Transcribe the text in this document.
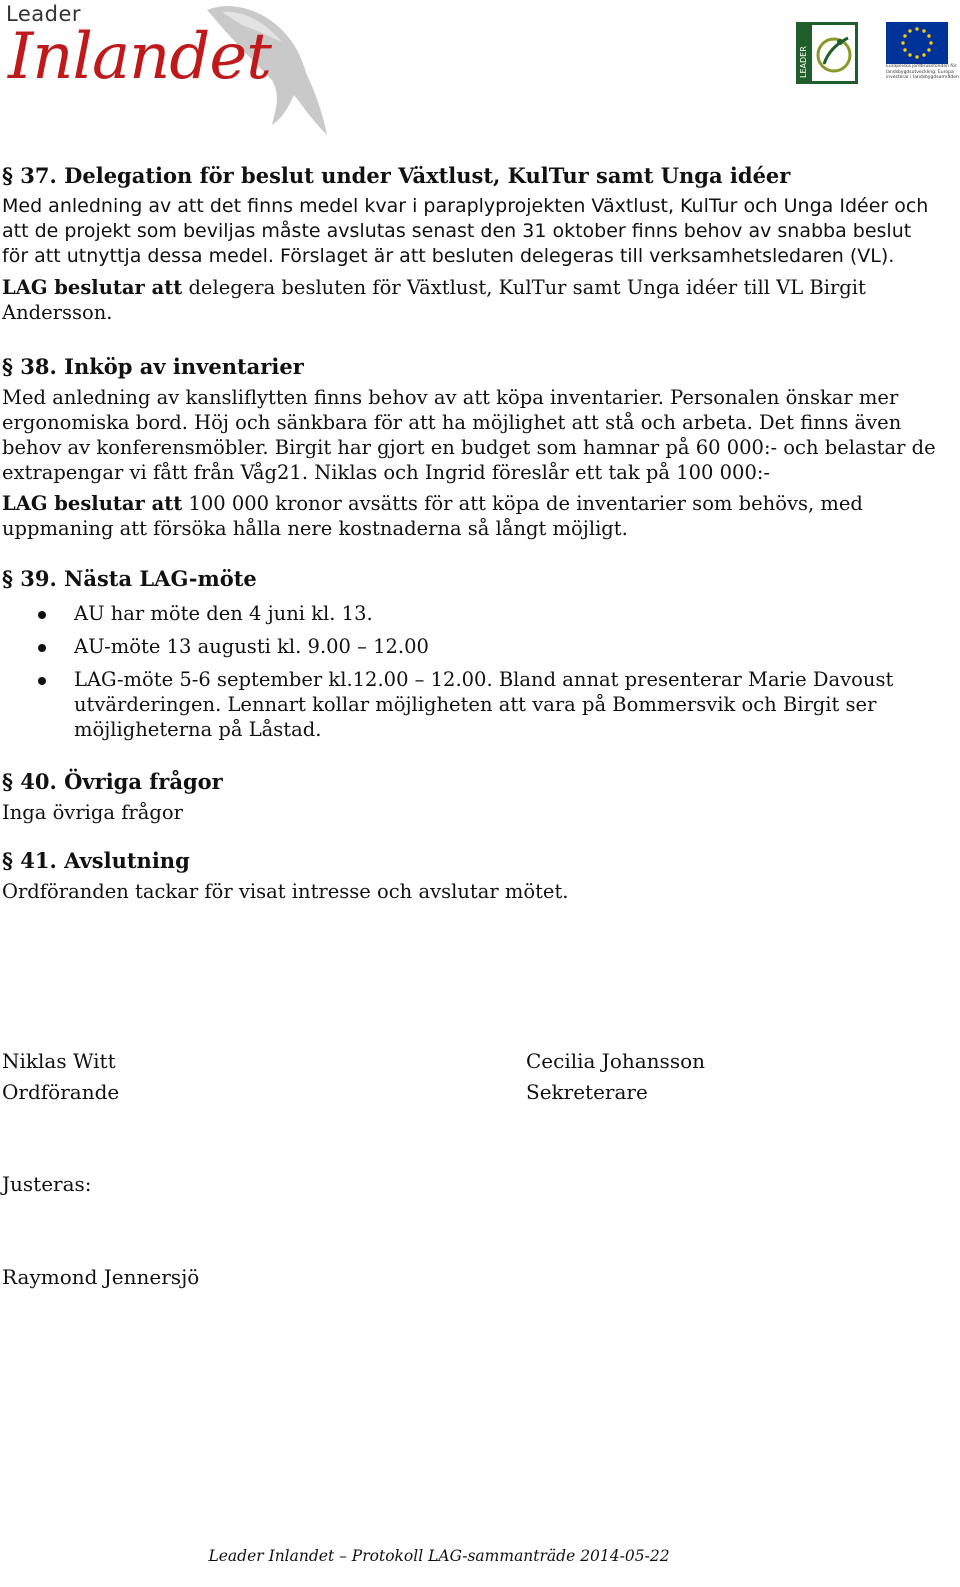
Leader
Inlandet	LEADER	Europeiska jordbruksfonden för
landsbygdsutveckling: Europa
investerar i landsbygdsområden
§ 37. Delegation för beslut under Växtlust, KulTur samt Unga idéer
Med anledning av att det finns medel kvar i paraplyprojekten Växtlust, KulTur och Unga Idéer och att de projekt som beviljas måste avslutas senast den 31 oktober finns behov av snabba beslut för att utnyttja dessa medel. Förslaget är att besluten delegeras till verksamhetsledaren (VL).
LAG beslutar att delegera besluten för Växtlust, KulTur samt Unga idéer till VL Birgit Andersson.
§ 38. Inköp av inventarier
Med anledning av kansliflytten finns behov av att köpa inventarier. Personalen önskar mer ergonomiska bord. Höj och sänkbara för att ha möjlighet att stå och arbeta. Det finns även behov av konferensmöbler. Birgit har gjort en budget som hamnar på 60 000:- och belastar de extrapengar vi fått från Våg21. Niklas och Ingrid föreslår ett tak på 100 000:-
LAG beslutar att 100 000 kronor avsätts för att köpa de inventarier som behövs, med uppmaning att försöka hålla nere kostnaderna så långt möjligt.
§ 39. Nästa LAG-möte
AU har möte den 4 juni kl. 13.
AU-möte 13 augusti kl. 9.00 – 12.00
LAG-möte 5-6 september kl.12.00 – 12.00. Bland annat presenterar Marie Davoust utvärderingen. Lennart kollar möjligheten att vara på Bommersvik och Birgit ser möjligheterna på Låstad.
§ 40. Övriga frågor
Inga övriga frågor
§ 41. Avslutning
Ordföranden tackar för visat intresse och avslutar mötet.
Niklas Witt
Ordförande
Cecilia Johansson
Sekreterare
Justeras:
Raymond Jennersjö
Leader Inlandet – Protokoll LAG-sammanträde 2014-05-22
